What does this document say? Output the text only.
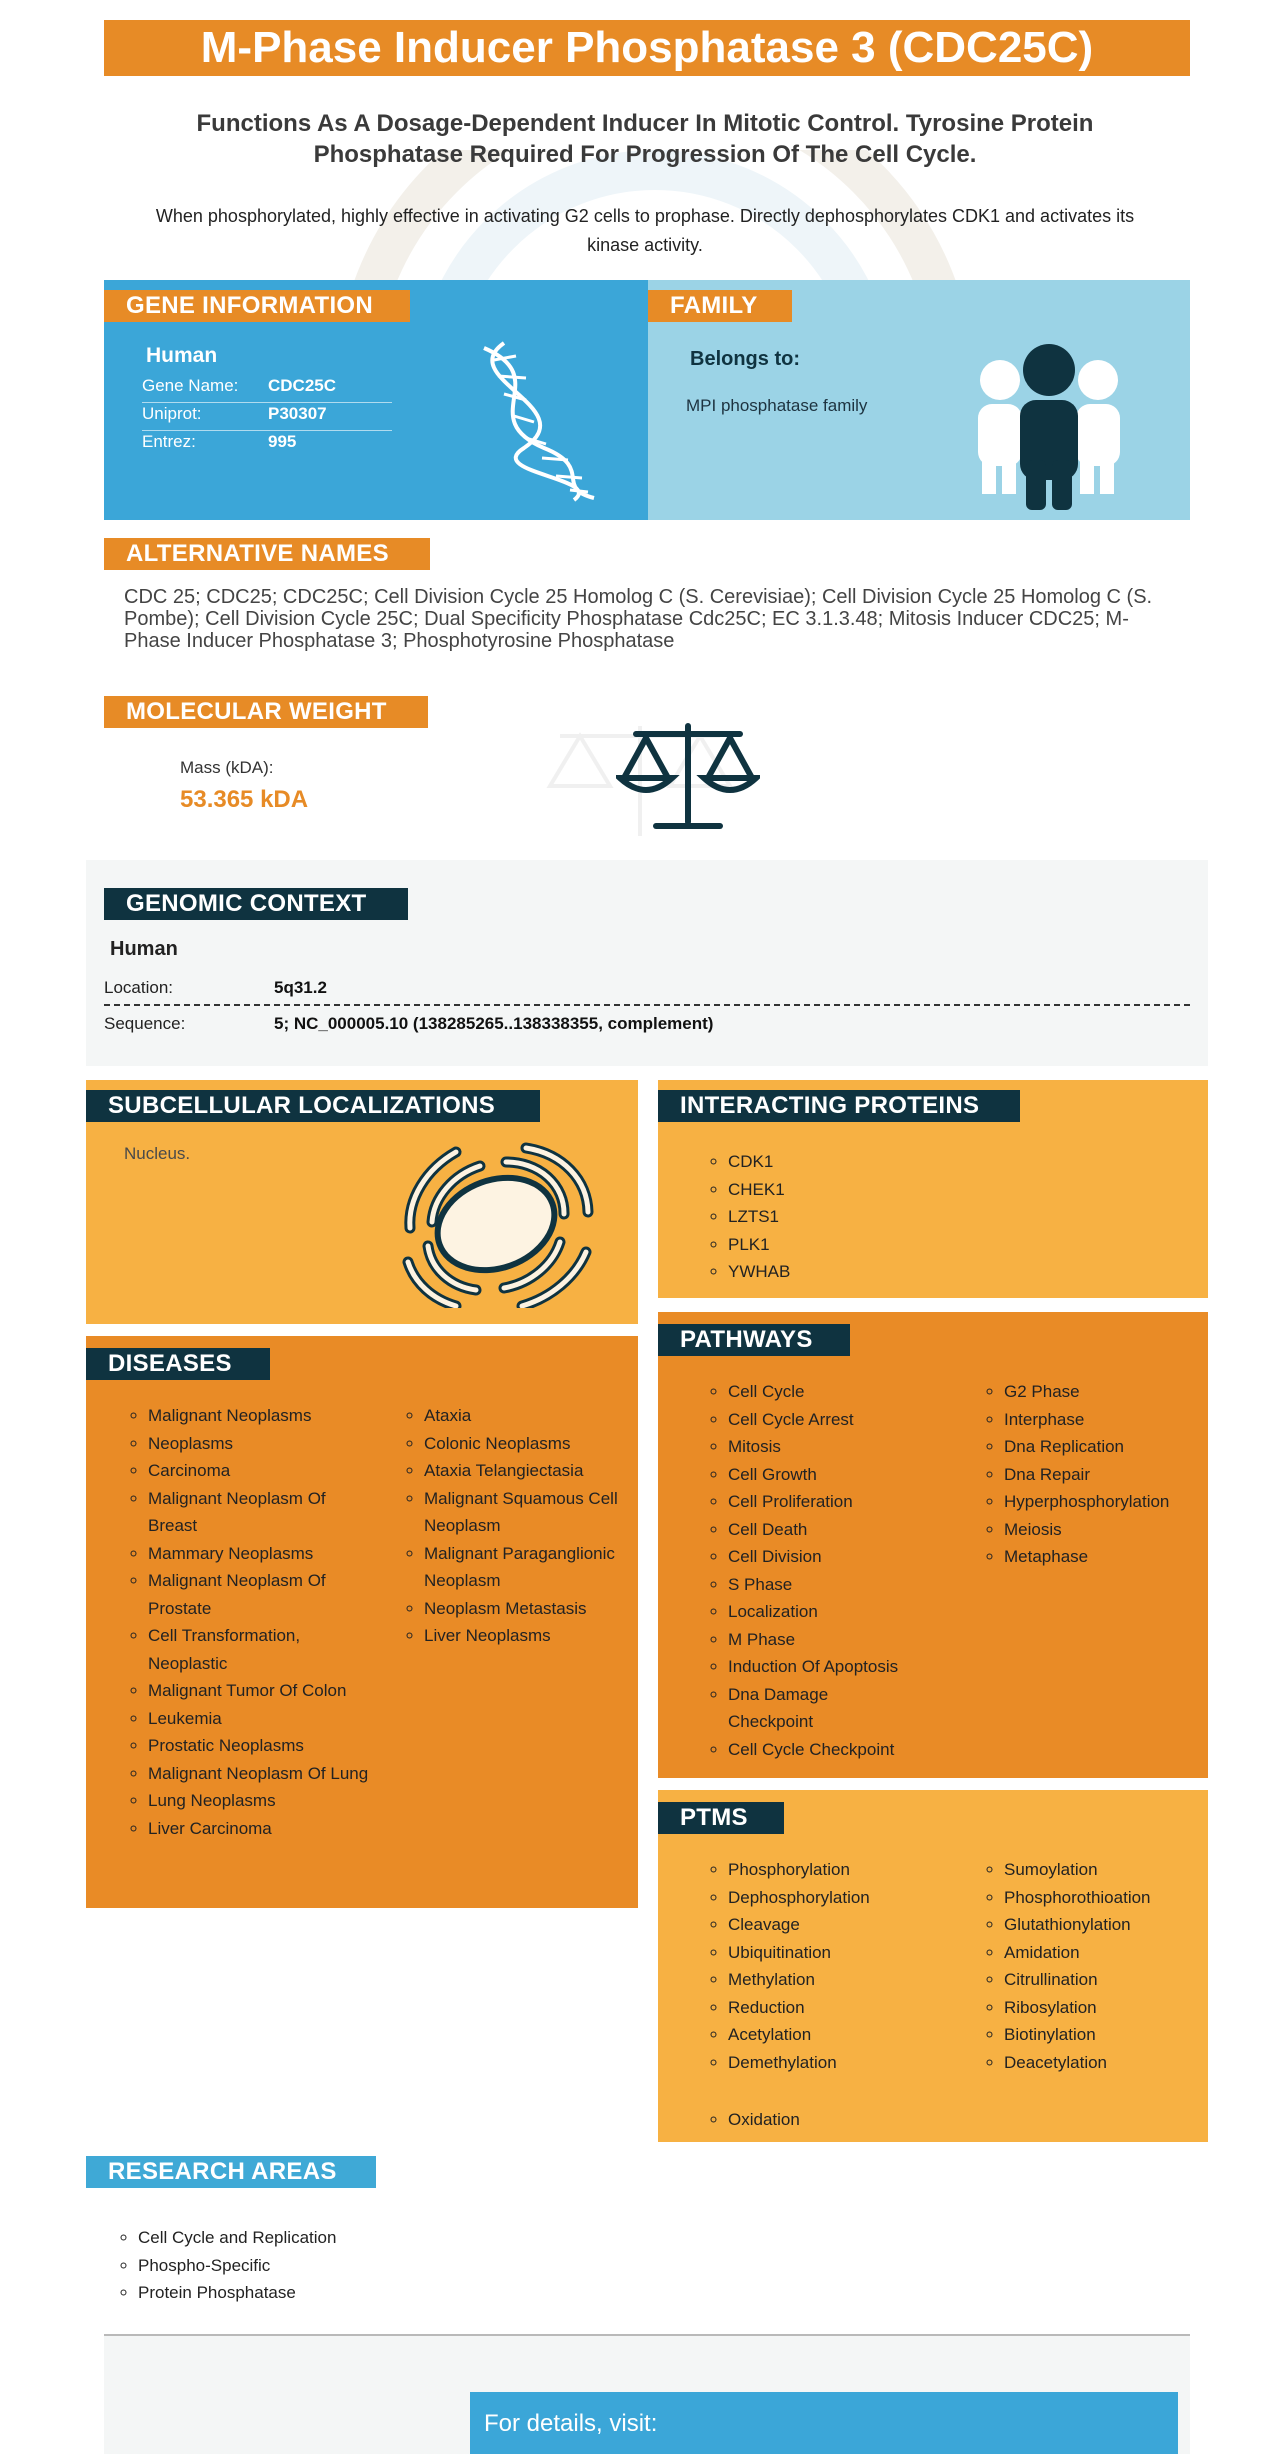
M-Phase Inducer Phosphatase 3 (CDC25C)
Functions As A Dosage-Dependent Inducer In Mitotic Control. Tyrosine Protein Phosphatase Required For Progression Of The Cell Cycle.
When phosphorylated, highly effective in activating G2 cells to prophase. Directly dephosphorylates CDK1 and activates its kinase activity.
GENE INFORMATION
Human
Gene Name: CDC25C
Uniprot:	P30307
Entrez:	995
FAMILY
Belongs to:
MPI phosphatase family
ALTERNATIVE NAMES
CDC 25; CDC25; CDC25C; Cell Division Cycle 25 Homolog C (S. Cerevisiae); Cell Division Cycle 25 Homolog C (S. Pombe); Cell Division Cycle 25C; Dual Specificity Phosphatase Cdc25C; EC 3.1.3.48; Mitosis Inducer CDC25; M-Phase Inducer Phosphatase 3; Phosphotyrosine Phosphatase
MOLECULAR WEIGHT
Mass (kDA):
53.365 kDA
GENOMIC CONTEXT
Human
Location:	5q31.2
Sequence:	5; NC_000005.10 (138285265..138338355, complement)
SUBCELLULAR LOCALIZATIONS
Nucleus.
INTERACTING PROTEINS
◦ CDK1
◦ CHEK1
◦ LZTS1
◦ PLK1
◦ YWHAB
DISEASES
◦ Malignant Neoplasms
◦ Neoplasms
◦ Carcinoma
◦ Malignant Neoplasm Of Breast
◦ Mammary Neoplasms
◦ Malignant Neoplasm Of Prostate
◦ Cell Transformation, Neoplastic
◦ Malignant Tumor Of Colon
◦ Leukemia
◦ Prostatic Neoplasms
◦ Malignant Neoplasm Of Lung
◦ Lung Neoplasms
◦ Liver Carcinoma
◦ Ataxia
◦ Colonic Neoplasms
◦ Ataxia Telangiectasia
◦ Malignant Squamous Cell Neoplasm
◦ Malignant Paraganglionic Neoplasm
◦ Neoplasm Metastasis
◦ Liver Neoplasms
PATHWAYS
◦ Cell Cycle
◦ Cell Cycle Arrest
◦ Mitosis
◦ Cell Growth
◦ Cell Proliferation
◦ Cell Death
◦ Cell Division
◦ S Phase
◦ Localization
◦ M Phase
◦ Induction Of Apoptosis
◦ Dna Damage Checkpoint
◦ Cell Cycle Checkpoint
◦ G2 Phase
◦ Interphase
◦ Dna Replication
◦ Dna Repair
◦ Hyperphosphorylation
◦ Meiosis
◦ Metaphase
PTMS
◦ Phosphorylation
◦ Dephosphorylation
◦ Cleavage
◦ Ubiquitination
◦ Methylation
◦ Reduction
◦ Acetylation
◦ Demethylation
◦ Sumoylation
◦ Phosphorothioation
◦ Glutathionylation
◦ Amidation
◦ Citrullination
◦ Ribosylation
◦ Biotinylation
◦ Deacetylation
◦ Oxidation
RESEARCH AREAS
◦ Cell Cycle and Replication
◦ Phospho-Specific
◦ Protein Phosphatase
For details, visit:
